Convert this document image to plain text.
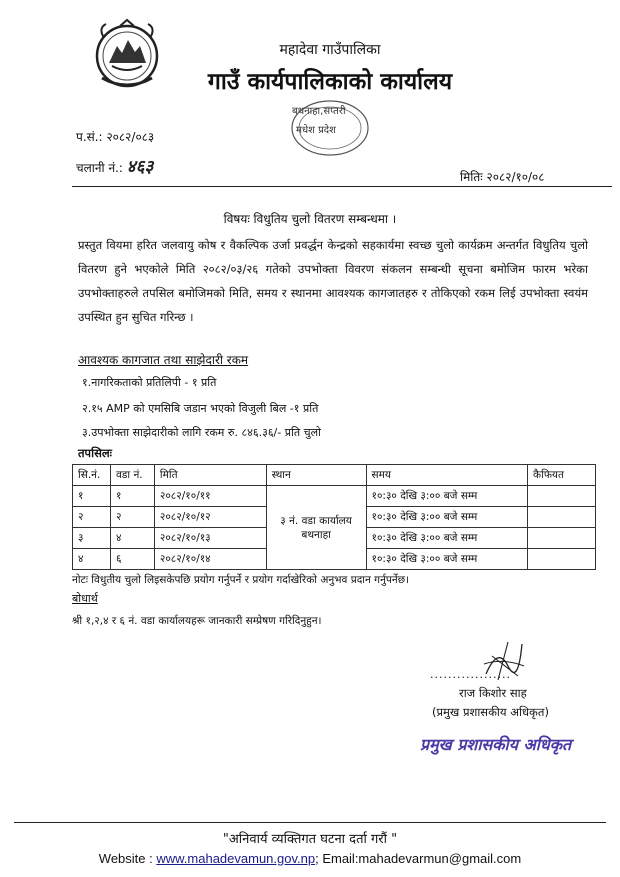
महादेवा गाउँपालिका
गाउँ कार्यपालिकाको कार्यालय
बथनाहा,सप्तरी
मधेश प्रदेश
प.सं.: २०८२/०८३
चलानी नं.: ४६३	मितिः २०८२/१०/०८
विषयः विधुतिय चुलो वितरण सम्बन्धमा ।
प्रस्तुत वियमा हरित जलवायु कोष र वैकल्पिक उर्जा प्रवर्द्धन केन्द्रको सहकार्यमा स्वच्छ चुलो कार्यक्रम अन्तर्गत विधुतिय चुलो वितरण हुने भएकोले मिति २०८२/०३/२६ गतेको उपभोक्ता विवरण संकलन सम्बन्धी सूचना बमोजिम फारम भरेका उपभोक्ताहरुले तपसिल बमोजिमको मिति, समय र स्थानमा आवश्यक कागजातहरु र तोकिएको रकम लिई उपभोक्ता स्वयंम उपस्थित हुन सुचित गरिन्छ ।
आवश्यक कागजात तथा साझेदारी रकम
१.नागरिकताको प्रतिलिपी - १ प्रति
२.१५ AMP को एमसिबि जडान भएको विजुली बिल -१ प्रति
३.उपभोक्ता साझेदारीको लागि रकम रु. ८४६.३६/- प्रति चुलो
तपसिलः
सि.नं.	वडा नं.	मिति	स्थान	समय	कैफियत
१	१	२०८२/१०/११	३ नं. वडा कार्यालय बथनाहा	१०:३० देखि ३:०० बजे सम्म	
२	२	२०८२/१०/१२		१०:३० देखि ३:०० बजे सम्म	
३	४	२०८२/१०/१३		१०:३० देखि ३:०० बजे सम्म	
४	६	२०८२/१०/१४		१०:३० देखि ३:०० बजे सम्म	
नोटः विधुतीय चुलो लिइसकेपछि प्रयोग गर्नुपर्ने र प्रयोग गर्दाखेरिको अनुभव प्रदान गर्नुपर्नेछ।
बोधार्थ
श्री १,२,४ र ६ नं. वडा कार्यालयहरू जानकारी सम्प्रेषण गरिदिनुहुन।
..................
राज किशोर साह
(प्रमुख प्रशासकीय अधिकृत)
प्रमुख प्रशासकीय अधिकृत
"अनिवार्य व्यक्तिगत घटना दर्ता गरौं "
Website : www.mahadevamun.gov.np; Email:mahadevarmun@gmail.com
